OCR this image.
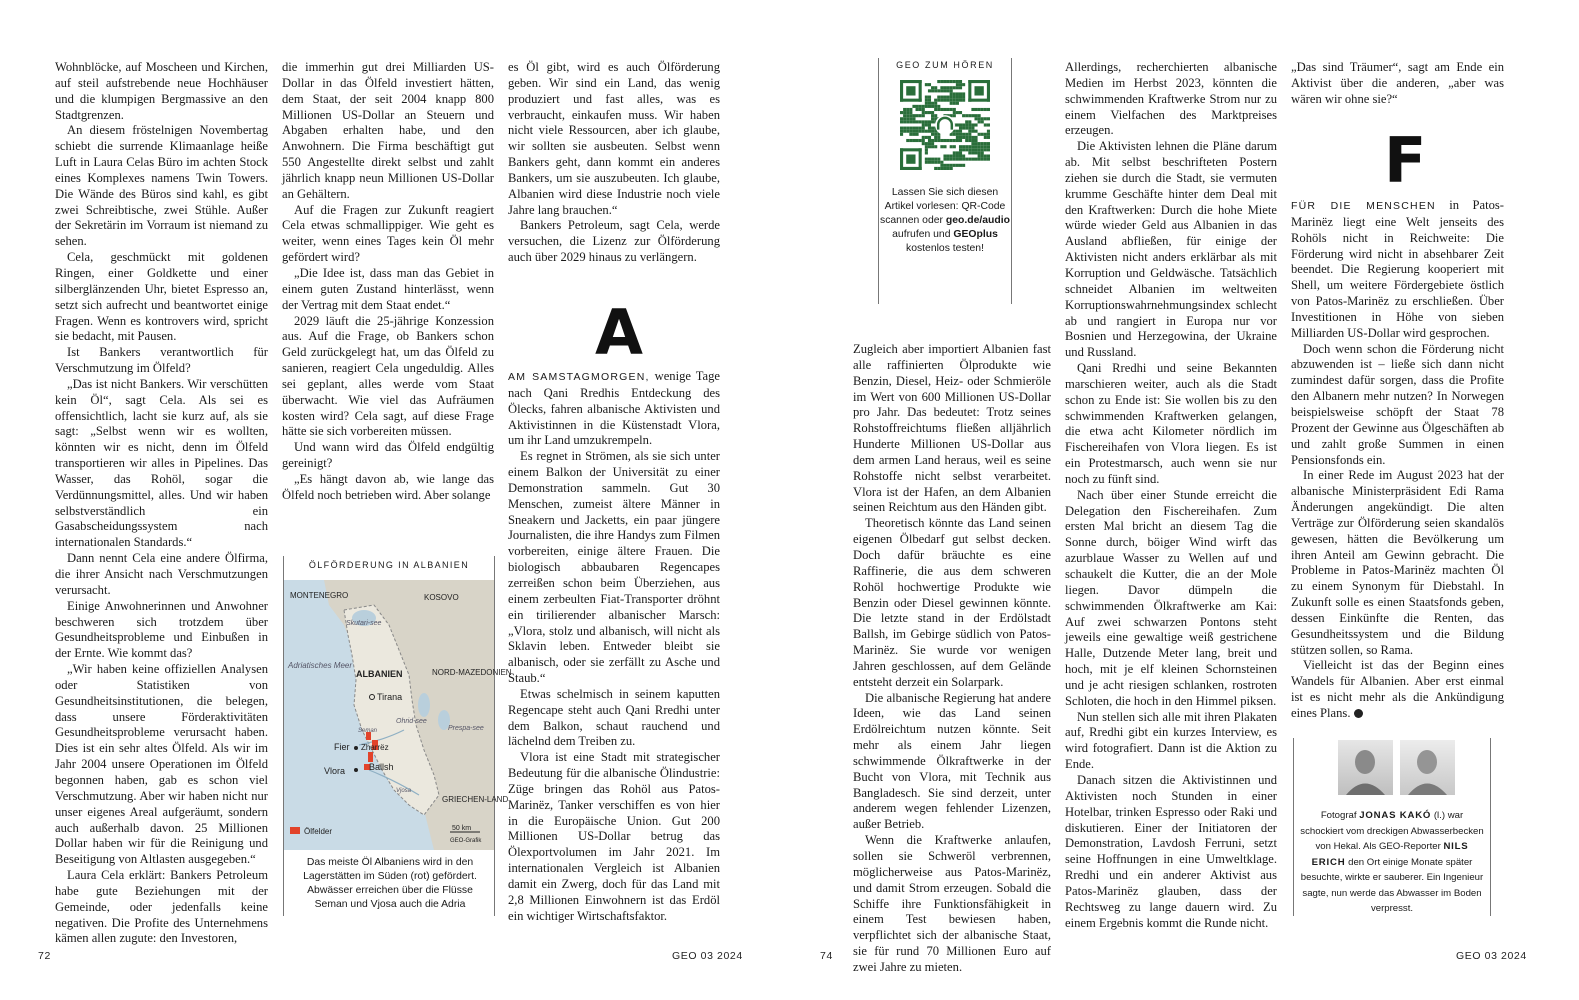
Wohnblöcke, auf Moscheen und Kirchen, auf steil aufstrebende neue Hochhäuser und die klumpigen Bergmassive an den Stadtgrenzen.

An diesem fröstelnigen Novembertag schiebt die surrende Klimaanlage heiße Luft in Laura Celas Büro im achten Stock eines Komplexes namens Twin Towers. Die Wände des Büros sind kahl, es gibt zwei Schreibtische, zwei Stühle. Außer der Sekretärin im Vorraum ist niemand zu sehen.

Cela, geschmückt mit goldenen Ringen, einer Goldkette und einer silberglänzenden Uhr, bietet Espresso an, setzt sich aufrecht und beantwortet einige Fragen. Wenn es kontrovers wird, spricht sie bedacht, mit Pausen.

Ist Bankers verantwortlich für Verschmutzung im Ölfeld?

„Das ist nicht Bankers. Wir verschütten kein Öl“, sagt Cela. Als sei es offensichtlich, lacht sie kurz auf, als sie sagt: „Selbst wenn wir es wollten, könnten wir es nicht, denn im Ölfeld transportieren wir alles in Pipelines. Das Wasser, das Rohöl, sogar die Verdünnungsmittel, alles. Und wir haben selbstverständlich ein Gasabscheidungssystem nach internationalen Standards.“

Dann nennt Cela eine andere Ölfirma, die ihrer Ansicht nach Verschmutzungen verursacht.

Einige Anwohnerinnen und Anwohner beschweren sich trotzdem über Gesundheitsprobleme und Einbußen in der Ernte. Wie kommt das?

„Wir haben keine offiziellen Analysen oder Statistiken von Gesundheitsinstitutionen, die belegen, dass unsere Förderaktivitäten Gesundheitsprobleme verursacht haben. Dies ist ein sehr altes Ölfeld. Als wir im Jahr 2004 unsere Operationen im Ölfeld begonnen haben, gab es schon viel Verschmutzung. Aber wir haben nicht nur unser eigenes Areal aufgeräumt, sondern auch außerhalb davon. 25 Millionen Dollar haben wir für die Reinigung und Beseitigung von Altlasten ausgegeben.“

Laura Cela erklärt: Bankers Petroleum habe gute Beziehungen mit der Gemeinde, oder jedenfalls keine negativen. Die Profite des Unternehmens kämen allen zugute: den Investoren,

die immerhin gut drei Milliarden US-Dollar in das Ölfeld investiert hätten, dem Staat, der seit 2004 knapp 800 Millionen US-Dollar an Steuern und Abgaben erhalten habe, und den Anwohnern. Die Firma beschäftigt gut 550 Angestellte direkt selbst und zahlt jährlich knapp neun Millionen US-Dollar an Gehältern.

Auf die Fragen zur Zukunft reagiert Cela etwas schmallippiger. Wie geht es weiter, wenn eines Tages kein Öl mehr gefördert wird?

„Die Idee ist, dass man das Gebiet in einem guten Zustand hinterlässt, wenn der Vertrag mit dem Staat endet.“

2029 läuft die 25-jährige Konzession aus. Auf die Frage, ob Bankers schon Geld zurückgelegt hat, um das Ölfeld zu sanieren, reagiert Cela ungeduldig. Alles sei geplant, alles werde vom Staat überwacht. Wie viel das Aufräumen kosten wird? Cela sagt, auf diese Frage hätte sie sich vorbereiten müssen.

Und wann wird das Ölfeld endgültig gereinigt?

„Es hängt davon ab, wie lange das Ölfeld noch betrieben wird. Aber solange

es Öl gibt, wird es auch Ölförderung geben. Wir sind ein Land, das wenig produziert und fast alles, was es verbraucht, einkaufen muss. Wir haben nicht viele Ressourcen, aber ich glaube, wir sollten sie ausbeuten. Selbst wenn Bankers geht, dann kommt ein anderes Bankers, um sie auszubeuten. Ich glaube, Albanien wird diese Industrie noch viele Jahre lang brauchen.“

Bankers Petroleum, sagt Cela, werde versuchen, die Lizenz zur Ölförderung auch über 2029 hinaus zu verlängern.

A

AM SAMSTAGMORGEN, wenige Tage nach Qani Rredhis Entdeckung des Ölecks, fahren albanische Aktivisten und Aktivistinnen in die Küstenstadt Vlora, um ihr Land umzukrempeln.

Es regnet in Strömen, als sie sich unter einem Balkon der Universität zu einer Demonstration sammeln. Gut 30 Menschen, zumeist ältere Männer in Sneakern und Jacketts, ein paar jüngere Journalisten, die ihre Handys zum Filmen vorbereiten, einige ältere Frauen. Die biologisch abbaubaren Regencapes zerreißen schon beim Überziehen, aus einem zerbeulten Fiat-Transporter dröhnt ein tirilierender albanischer Marsch: „Vlora, stolz und albanisch, will nicht als Sklavin leben. Entweder bleibt sie albanisch, oder sie zerfällt zu Asche und Staub.“

Etwas schelmisch in seinem kaputten Regencape steht auch Qani Rredhi unter dem Balkon, schaut rauchend und lächelnd dem Treiben zu.

Vlora ist eine Stadt mit strategischer Bedeutung für die albanische Ölindustrie: Züge bringen das Rohöl aus Patos-Marinëz, Tanker verschiffen es von hier in die Europäische Union. Gut 200 Millionen US-Dollar betrug das Ölexportvolumen im Jahr 2021. Im internationalen Vergleich ist Albanien damit ein Zwerg, doch für das Land mit 2,8 Millionen Einwohnern ist das Erdöl ein wichtiger Wirtschaftsfaktor.

ÖLFÖRDERUNG IN ALBANIEN
MONTENEGRO	KOSOVO
Skutari-see
Adriatisches Meer
ALBANIEN	NORD-MAZEDONIEN
Tirana
Ohrid-see
Prespa-see
Fier Zharrëz
Ballsh
Vlora
Seman
Vjosa
GRIECHEN-LAND
Ölfelder	50 km
GEO-Grafik
Das meiste Öl Albaniens wird in den Lagerstätten im Süden (rot) gefördert. Abwässer erreichen über die Flüsse Seman und Vjosa auch die Adria
72	GEO 03 2024
GEO ZUM HÖREN
Lassen Sie sich diesen Artikel vorlesen: QR-Code scannen oder geo.de/audio aufrufen und GEOplus kostenlos testen!

Zugleich aber importiert Albanien fast alle raffinierten Ölprodukte wie Benzin, Diesel, Heiz- oder Schmieröle im Wert von 600 Millionen US-Dollar pro Jahr. Das bedeutet: Trotz seines Rohstoffreichtums fließen alljährlich Hunderte Millionen US-Dollar aus dem armen Land heraus, weil es seine Rohstoffe nicht selbst verarbeitet. Vlora ist der Hafen, an dem Albanien seinen Reichtum aus den Händen gibt.

Theoretisch könnte das Land seinen eigenen Ölbedarf gut selbst decken. Doch dafür bräuchte es eine Raffinerie, die aus dem schweren Rohöl hochwertige Produkte wie Benzin oder Diesel gewinnen könnte. Die letzte stand in der Erdölstadt Ballsh, im Gebirge südlich von Patos-Marinëz. Sie wurde vor wenigen Jahren geschlossen, auf dem Gelände entsteht derzeit ein Solarpark.

Die albanische Regierung hat andere Ideen, wie das Land seinen Erdölreichtum nutzen könnte. Seit mehr als einem Jahr liegen schwimmende Ölkraftwerke in der Bucht von Vlora, mit Technik aus Bangladesch. Sie sind derzeit, unter anderem wegen fehlender Lizenzen, außer Betrieb.

Wenn die Kraftwerke anlaufen, sollen sie Schweröl verbrennen, möglicherweise aus Patos-Marinëz, und damit Strom erzeugen. Sobald die Schiffe ihre Funktionsfähigkeit in einem Test bewiesen haben, verpflichtet sich der albanische Staat, sie für rund 70 Millionen Euro auf zwei Jahre zu mieten.

Allerdings, recherchierten albanische Medien im Herbst 2023, könnten die schwimmenden Kraftwerke Strom nur zu einem Vielfachen des Marktpreises erzeugen.

Die Aktivisten lehnen die Pläne darum ab. Mit selbst beschrifteten Postern ziehen sie durch die Stadt, sie vermuten krumme Geschäfte hinter dem Deal mit den Kraftwerken: Durch die hohe Miete würde wieder Geld aus Albanien in das Ausland abfließen, für einige der Aktivisten nicht anders erklärbar als mit Korruption und Geldwäsche. Tatsächlich schneidet Albanien im weltweiten Korruptionswahrnehmungsindex schlecht ab und rangiert in Europa nur vor Bosnien und Herzegowina, der Ukraine und Russland.

Qani Rredhi und seine Bekannten marschieren weiter, auch als die Stadt schon zu Ende ist: Sie wollen bis zu den schwimmenden Kraftwerken gelangen, die etwa acht Kilometer nördlich im Fischereihafen von Vlora liegen. Es ist ein Protestmarsch, auch wenn sie nur noch zu fünft sind.

Nach über einer Stunde erreicht die Delegation den Fischereihafen. Zum ersten Mal bricht an diesem Tag die Sonne durch, böiger Wind wirft das azurblaue Wasser zu Wellen auf und schaukelt die Kutter, die an der Mole liegen. Davor dümpeln die schwimmenden Ölkraftwerke am Kai: Auf zwei schwarzen Pontons steht jeweils eine gewaltige weiß gestrichene Halle, Dutzende Meter lang, breit und hoch, mit je elf kleinen Schornsteinen und je acht riesigen schlanken, rostroten Schloten, die hoch in den Himmel piksen.

Nun stellen sich alle mit ihren Plakaten auf, Rredhi gibt ein kurzes Interview, es wird fotografiert. Dann ist die Aktion zu Ende.

Danach sitzen die Aktivistinnen und Aktivisten noch Stunden in einer Hotelbar, trinken Espresso oder Raki und diskutieren. Einer der Initiatoren der Demonstration, Lavdosh Ferruni, setzt seine Hoffnungen in eine Umweltklage. Rredhi und ein anderer Aktivist aus Patos-Marinëz glauben, dass der Rechtsweg zu lange dauern wird. Zu einem Ergebnis kommt die Runde nicht.

„Das sind Träumer“, sagt am Ende ein Aktivist über die anderen, „aber was wären wir ohne sie?“

F

FÜR DIE MENSCHEN in Patos-Marinëz liegt eine Welt jenseits des Rohöls nicht in Reichweite: Die Förderung wird nicht in absehbarer Zeit beendet. Die Regierung kooperiert mit Shell, um weitere Fördergebiete östlich von Patos-Marinëz zu erschließen. Über Investitionen in Höhe von sieben Milliarden US-Dollar wird gesprochen.

Doch wenn schon die Förderung nicht abzuwenden ist – ließe sich dann nicht zumindest dafür sorgen, dass die Profite den Albanern mehr nutzen? In Norwegen beispielsweise schöpft der Staat 78 Prozent der Gewinne aus Ölgeschäften ab und zahlt große Summen in einen Pensionsfonds ein.

In einer Rede im August 2023 hat der albanische Ministerpräsident Edi Rama Änderungen angekündigt. Die alten Verträge zur Ölförderung seien skandalös gewesen, hätten die Bevölkerung um ihren Anteil am Gewinn gebracht. Die Probleme in Patos-Marinëz machten Öl zu einem Synonym für Diebstahl. In Zukunft solle es einen Staatsfonds geben, dessen Einkünfte die Renten, das Gesundheitssystem und die Bildung stützen sollen, so Rama.

Vielleicht ist das der Beginn eines Wandels für Albanien. Aber erst einmal ist es nicht mehr als die Ankündigung eines Plans.

Fotograf JONAS KAKÓ (l.) war schockiert vom dreckigen Abwasserbecken von Hekal. Als GEO-Reporter NILS ERICH den Ort einige Monate später besuchte, wirkte er sauberer. Ein Ingenieur sagte, nun werde das Abwasser im Boden verpresst.
74	GEO 03 2024
